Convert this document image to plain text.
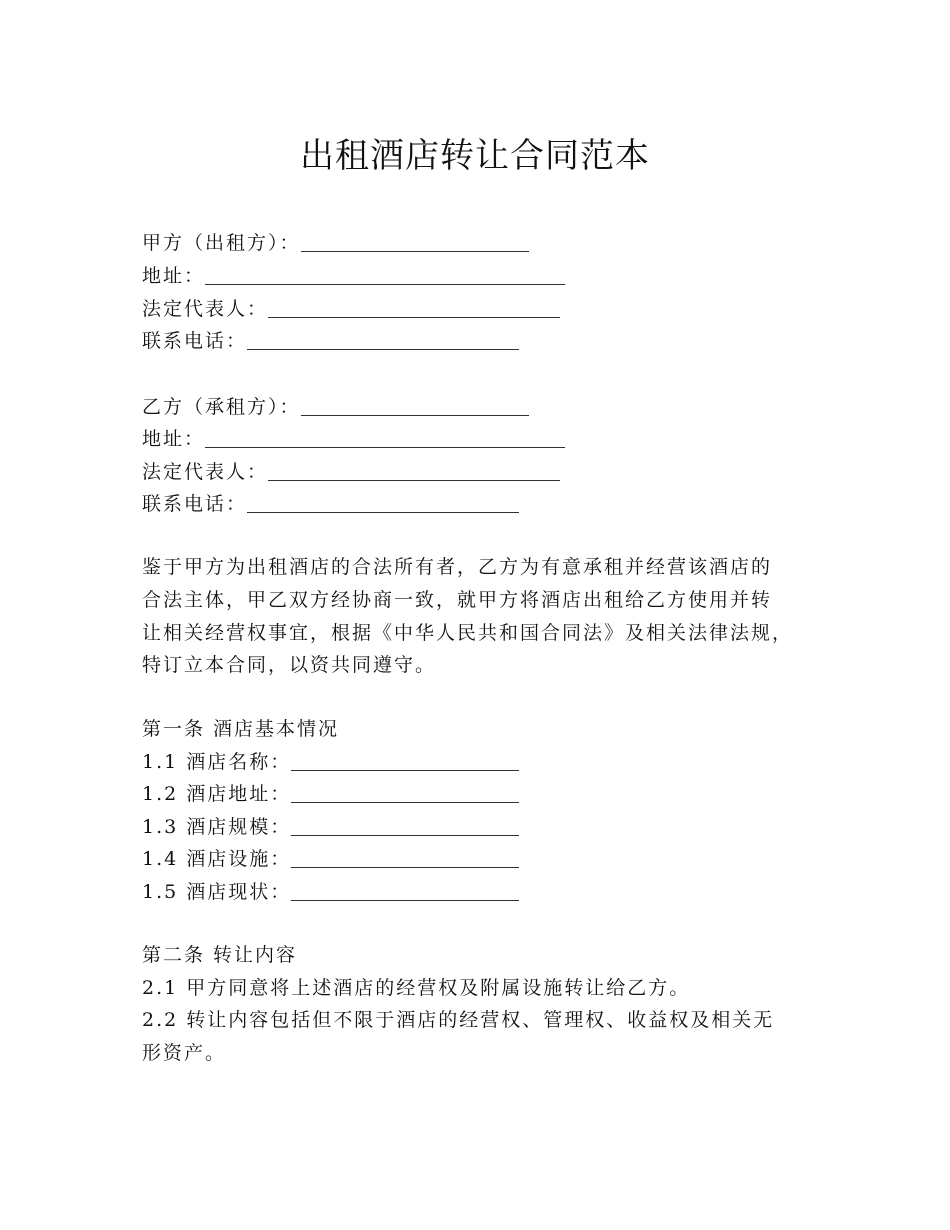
出租酒店转让合同范本
甲方（出租方）：
地址：
法定代表人：
联系电话：
乙方（承租方）：
地址：
法定代表人：
联系电话：
鉴于甲方为出租酒店的合法所有者，乙方为有意承租并经营该酒店的
合法主体，甲乙双方经协商一致，就甲方将酒店出租给乙方使用并转
让相关经营权事宜，根据《中华人民共和国合同法》及相关法律法规，
特订立本合同，以资共同遵守。
第一条 酒店基本情况
1.1 酒店名称：
1.2 酒店地址：
1.3 酒店规模：
1.4 酒店设施：
1.5 酒店现状：
第二条 转让内容
2.1 甲方同意将上述酒店的经营权及附属设施转让给乙方。
2.2 转让内容包括但不限于酒店的经营权、管理权、收益权及相关无
形资产。
